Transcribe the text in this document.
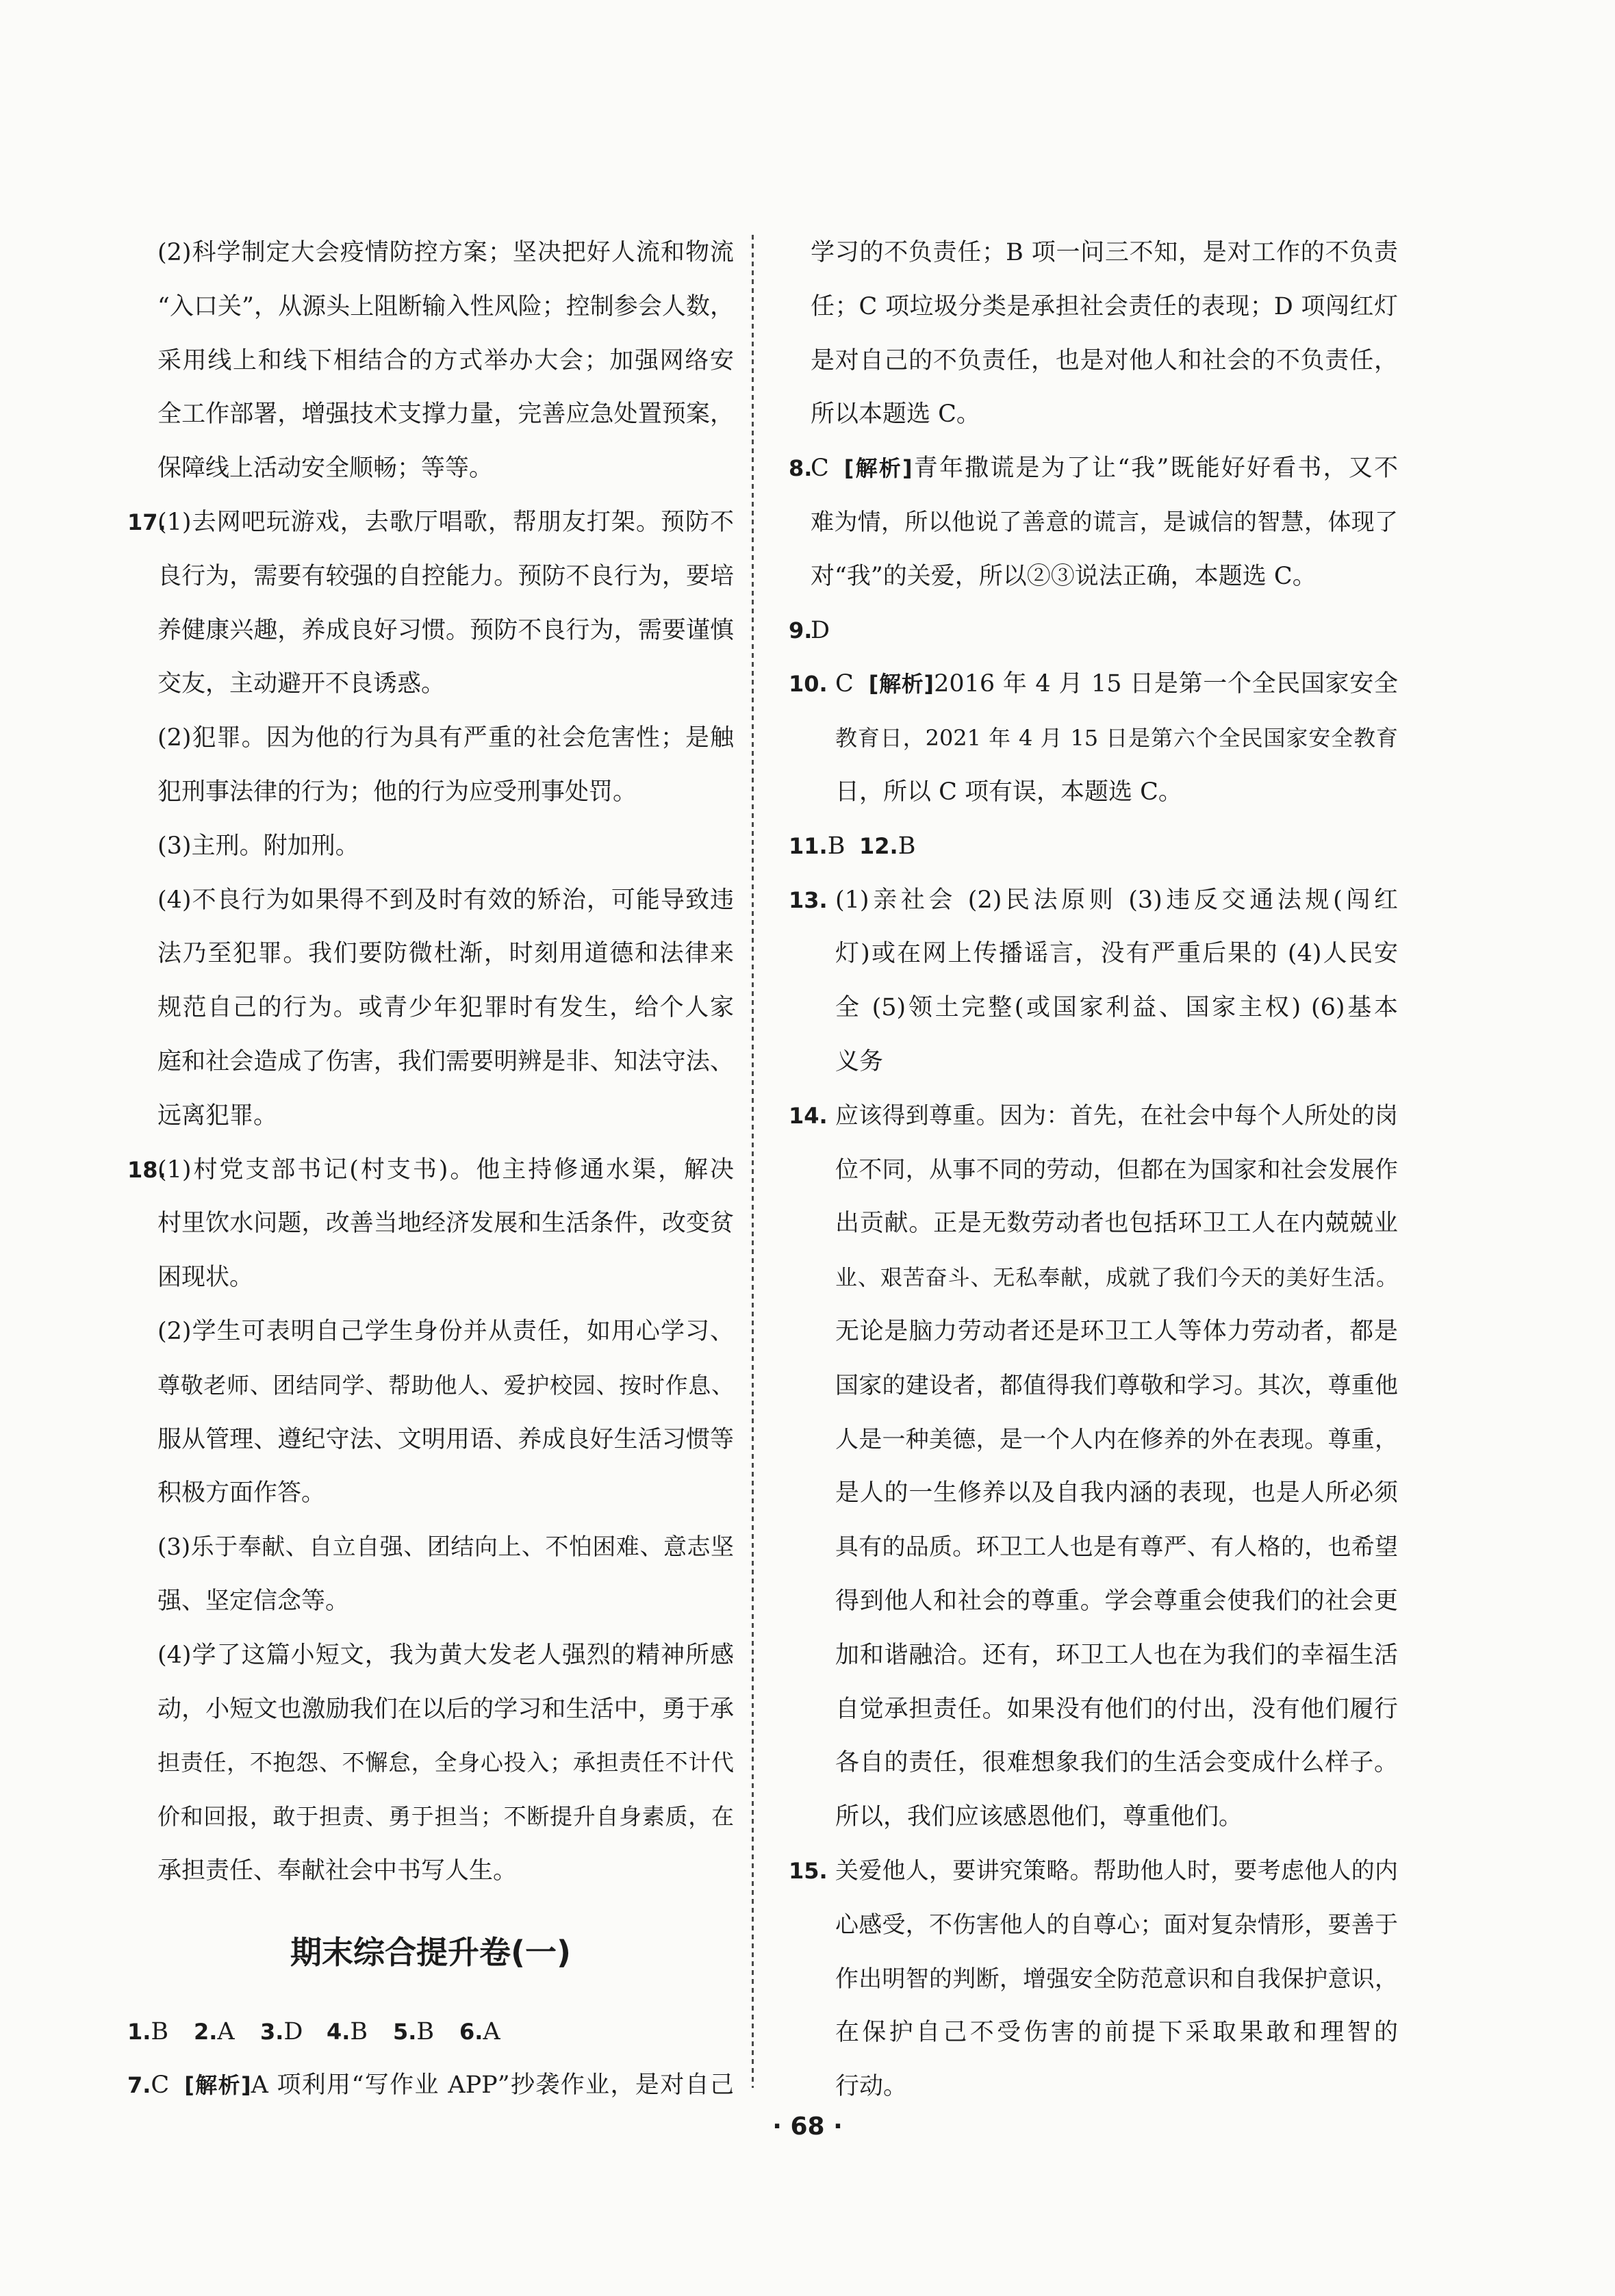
(2)科学制定大会疫情防控方案；坚决把好人流和物流
“入口关”，从源头上阻断输入性风险；控制参会人数，
采用线上和线下相结合的方式举办大会；加强网络安
全工作部署，增强技术支撑力量，完善应急处置预案，
保障线上活动安全顺畅；等等。
17.
(1)去网吧玩游戏，去歌厅唱歌，帮朋友打架。预防不
良行为，需要有较强的自控能力。预防不良行为，要培
养健康兴趣，养成良好习惯。预防不良行为，需要谨慎
交友，主动避开不良诱惑。
(2)犯罪。因为他的行为具有严重的社会危害性；是触
犯刑事法律的行为；他的行为应受刑事处罚。
(3)主刑。附加刑。
(4)不良行为如果得不到及时有效的矫治，可能导致违
法乃至犯罪。我们要防微杜渐，时刻用道德和法律来
规范自己的行为。或青少年犯罪时有发生，给个人家
庭和社会造成了伤害，我们需要明辨是非、知法守法、
远离犯罪。
18.
(1)村党支部书记(村支书)。他主持修通水渠，解决
村里饮水问题，改善当地经济发展和生活条件，改变贫
困现状。
(2)学生可表明自己学生身份并从责任，如用心学习、
尊敬老师、团结同学、帮助他人、爱护校园、按时作息、
服从管理、遵纪守法、文明用语、养成良好生活习惯等
积极方面作答。
(3)乐于奉献、自立自强、团结向上、不怕困难、意志坚
强、坚定信念等。
(4)学了这篇小短文，我为黄大发老人强烈的精神所感
动，小短文也激励我们在以后的学习和生活中，勇于承
担责任，不抱怨、不懈怠，全身心投入；承担责任不计代
价和回报，敢于担责、勇于担当；不断提升自身素质，在
承担责任、奉献社会中书写人生。
期末综合提升卷(一)
1.B 2.A 3.D 4.B 5.B 6.A
7.C [解析]A 项利用“写作业 APP”抄袭作业，是对自己
学习的不负责任；B 项一问三不知，是对工作的不负责
任；C 项垃圾分类是承担社会责任的表现；D 项闯红灯
是对自己的不负责任，也是对他人和社会的不负责任，
所以本题选 C。
8.
C [解析]青年撒谎是为了让“我”既能好好看书，又不
难为情，所以他说了善意的谎言，是诚信的智慧，体现了
对“我”的关爱，所以②③说法正确，本题选 C。
9.
D
10. C [解析]2016 年 4 月 15 日是第一个全民国家安全
教育日，2021 年 4 月 15 日是第六个全民国家安全教育
日，所以 C 项有误，本题选 C。
11.B 12.B
13. (1)亲社会 (2)民法原则 (3)违反交通法规(闯红
灯)或在网上传播谣言，没有严重后果的 (4)人民安
全 (5)领土完整(或国家利益、国家主权) (6)基本
义务
14. 应该得到尊重。因为：首先，在社会中每个人所处的岗
位不同，从事不同的劳动，但都在为国家和社会发展作
出贡献。正是无数劳动者也包括环卫工人在内兢兢业
业、艰苦奋斗、无私奉献，成就了我们今天的美好生活。
无论是脑力劳动者还是环卫工人等体力劳动者，都是
国家的建设者，都值得我们尊敬和学习。其次，尊重他
人是一种美德，是一个人内在修养的外在表现。尊重，
是人的一生修养以及自我内涵的表现，也是人所必须
具有的品质。环卫工人也是有尊严、有人格的，也希望
得到他人和社会的尊重。学会尊重会使我们的社会更
加和谐融洽。还有，环卫工人也在为我们的幸福生活
自觉承担责任。如果没有他们的付出，没有他们履行
各自的责任，很难想象我们的生活会变成什么样子。
所以，我们应该感恩他们，尊重他们。
15. 关爱他人，要讲究策略。帮助他人时，要考虑他人的内
心感受，不伤害他人的自尊心；面对复杂情形，要善于
作出明智的判断，增强安全防范意识和自我保护意识，
在保护自己不受伤害的前提下采取果敢和理智的
行动。
· 68 ·
